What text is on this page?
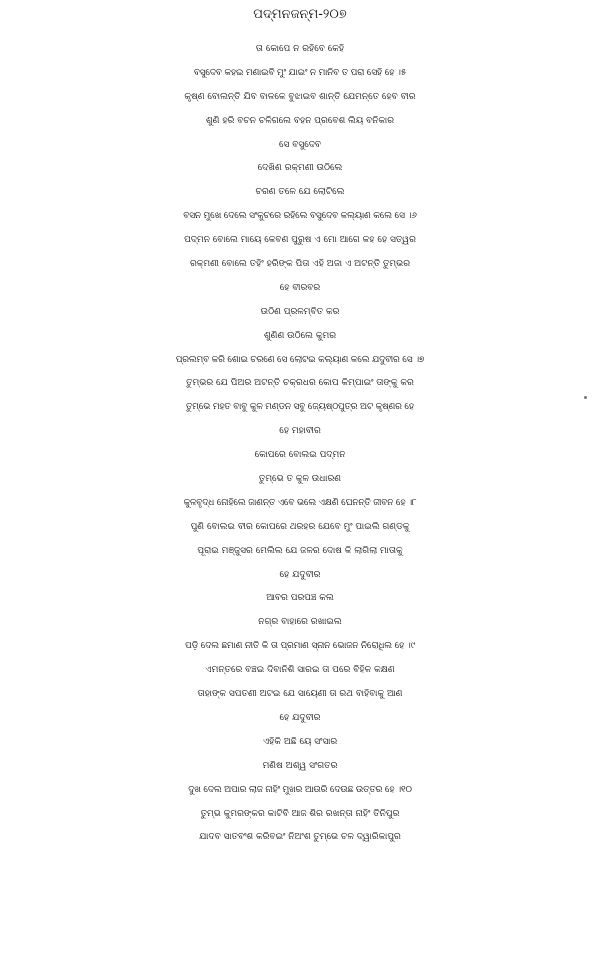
ପଦ୍ମନଜନ୍ମ-୨୦୭
ତା କୋପେ ନ ରହିବେ କେହି
ବସୁଦେବ କହଇ ମଣାଇବି ମୁଂ ଯାଇଂ ନ ମାନିବ ତ ପରା ସେହି ହେ ।୫
କୃଷ୍ଣ ବୋଲନ୍ତି ଯିବ ବାଳକେ ବୁଝାଇବ ଶାନ୍ତି ଯେମନ୍ତେ ହେବ ବୀର
ଶୁଣି ହରି ବଚନ ଚଳିଗଲେ ବହନ ପ୍ରବେଶ ଲିୟ ବନିକାର
ସେ ବସୁଦେବ
ଦେଖିଣ ରକ୍ମଣୀ ଉଠିଲେ
ଚରଣ ତଳେ ଯେ ଲୋଟିଲେ
ବସନ ମୁଖେ ଦେଲେ ସଂକୁଚରେ ରହିଲେ ବସୁଦେବ କଲ୍ୟାଣ କଲେ ସେ ।୬
ପଦ୍ମନ ବୋଲେ ମାୟେ କେବଣ ପୁରୁଷ ଏ ମୋ ଆଗେ କହ ହେ ସତ୍ୱର
ରକ୍ମଣୀ ବୋଲେ ତହିଂ ହରିଙ୍କ ପିତା ଏହି ଅଜା ଏ ଅଟନ୍ତି ତୁମ୍ଭର
ହେ ବୀରବର
ଉଠିଣ ପ୍ରଳମ୍ବିତ କର
ଶୁଣିଣ ଉଠିଲେ କୁମର
ପ୍ରଲମ୍ବ କରି ଶୋଇ ଚରଣେ ସେ ଲୋଟଇ କଲ୍ୟାଣ କଲେ ଯଦୁବୀର ସେ ।୭
ତୁମ୍ଭର ଯେ ପିଅର ଅଟନ୍ତି ଚକ୍ରଧର କୋପ କିମ୍ପାଇଂ ତାଙ୍କୁ କର
ତୁମ୍ଭେ ମହତ ବାବୁ କୁଳ ମଣ୍ଡନ ସବୁ ଜ୍ୟେଷ୍ଠପୁତ୍ର ଅଟ କୃଷ୍ଣର ହେ
ହେ ମହାବୀର
କୋପରେ ବୋଲଇ ପଦ୍ମନ
ତୁମ୍ଭେ ତ କୁଳ ଉଧାରଣ
କୁଳବୃଦ୍ଧ ନୋହିଲେ ଜାଣନ୍ତ ଏବେ ଭଲେ ଏକ୍ଷଣି ଘେନନ୍ତି ଜୀବନ ହେ ।୮
ପୁଣି ବୋଲଇ ବୀର କୋପରେ ଥରହର ଯେବେ ମୁଂ ପାଇଲି ଗଣ୍ଡକୁ
ପୂରାଇ ମଞ୍ଜୁସର ମେଲିଲ ଯେ ଜଳର ଦୋଷ କି ଲାଗିଲା ମାତାକୁ
ହେ ଯଦୁବୀର
ଆବର ପରପଞ୍ଚ କଲ
ନଗ୍ର ବାହାରେ ରଖାଇଲ
ପଡ଼ି ଦେଲ ଛମାଣ ନୀତି କି ତା ପ୍ରମାଣ ସ୍ନାନ ଭୋଜନ ନିରୋଧିଲ ହେ ।୯
ଏମନ୍ତରେ ବଞ୍ଚଇ ଦିବାନିଶି ସାରଇ ତା ପରେ ବିହିଳ କକ୍ଷଣ
ତାହାଙ୍କ ସପତଣୀ ଅଟଇ ଯେ ସାୟେଣୀ ତା ରଥ ବାହିବାକୁ ଆଣ
ହେ ଯଦୁବୀର
ଏହିକି ଅଛି ୟେ ସଂସାର
ମଣିଷ ଅଶ୍ୱ ସଂଗତର
ଦୁଖ ଦେଲ ଅପାର ଲାଜ ନାହିଂ ମୁଖର ଆଉରି ଦେଉଛ ଉତ୍ତର ହେ ।୧୦
ତୁମ୍ଭ କୁମରଙ୍କର କାଟିବି ଆଜ ଶିର ରଖନ୍ତା ନାହିଂ ତିନିପୁର
ଯାଦବ ସାତବଂଶ କରିବଇଂ ନିଅଂଶ ତୁମ୍ଭେ ଚଳ ଦ୍ୱାରିକାପୁର
